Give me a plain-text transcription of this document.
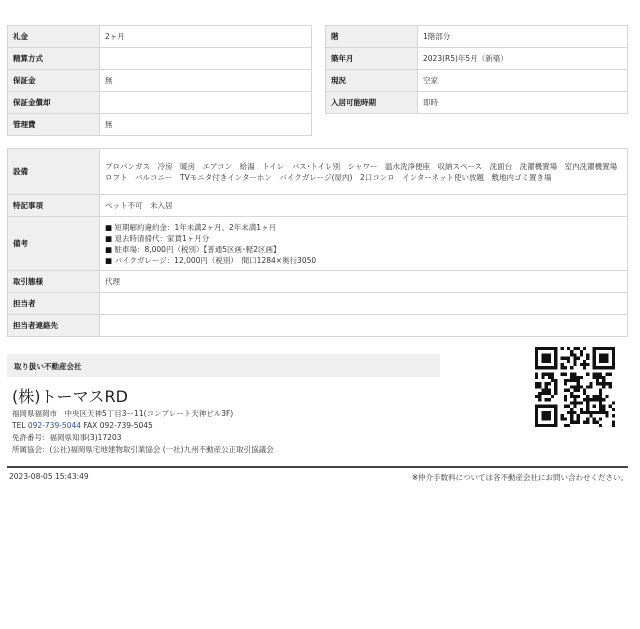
礼金	2ヶ月
精算方式	
保証金	無
保証金償却	
管理費	無
階	1階部分
築年月	2023(R5)年5月（新築）
現況	空家
入居可能時期	即時
設備	プロパンガス　冷房　暖房　エアコン　給湯　トイレ　バス･トイレ別　シャワー　温水洗浄便座　収納スペース　洗面台　洗濯機置場　室内洗濯機置場　ロフト　バルコニー　TVモニタ付きインターホン　バイクガレージ(屋内)　2口コンロ　インターネット使い放題　敷地内ゴミ置き場
特記事項	ペット不可　未入居
備考	■ 短期解約違約金：1年未満2ヶ月、2年未満1ヶ月
■ 退去時清掃代：家賃1ヶ月分
■ 駐車場：8,000円（税別）【普通5区画･軽2区画】
■ バイクガレージ：12,000円（税別）　間口1284×奥行3050

取引態様	代理
担当者	
担当者連絡先	
取り扱い不動産会社
(株)トーマスRD
福岡県福岡市　中央区天神5丁目3ー11(コンプレート天神ビル3F)
TEL 092-739-5044 FAX 092-739-5045
免許番号：福岡県知事(3)17203
所属協会：(公社)福岡県宅地建物取引業協会 (一社)九州不動産公正取引協議会
2023-08-05 15:43:49	※仲介手数料については各不動産会社にお問い合わせください。
